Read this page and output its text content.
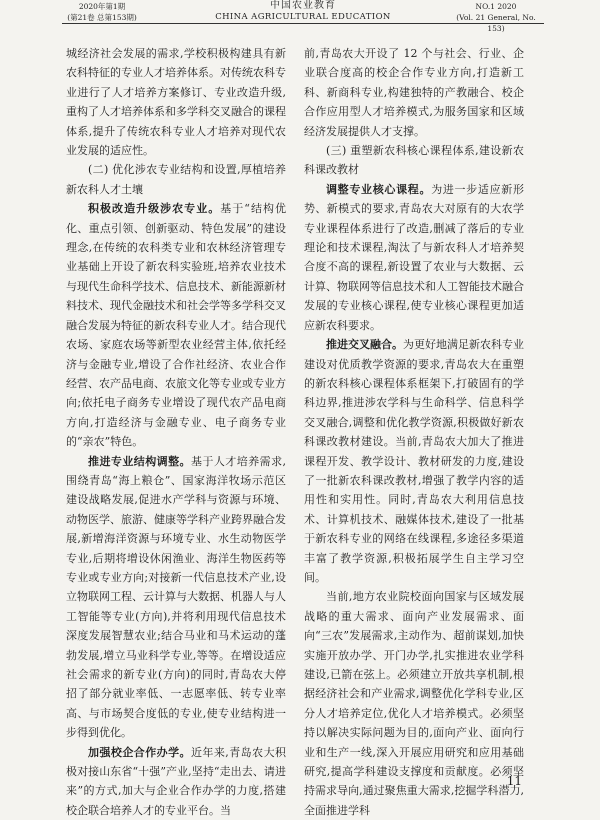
2020年第1期
(第21卷 总第153期)
中国农业教育
CHINA AGRICULTURAL EDUCATION
NO.1 2020
(Vol. 21 General, No. 153)

城经济社会发展的需求,学校积极构建具有新农科特征的专业人才培养体系。对传统农科专业进行了人才培养方案修订、专业改造升级,重构了人才培养体系和多学科交叉融合的课程体系,提升了传统农科专业人才培养对现代农业发展的适应性。

(二) 优化涉农专业结构和设置,厚植培养新农科人才土壤

积极改造升级涉农专业。基于“结构优化、重点引领、创新驱动、特色发展”的建设理念,在传统的农科类专业和农林经济管理专业基础上开设了新农科实验班,培养农业技术与现代生命科学技术、信息技术、新能源新材料技术、现代金融技术和社会学等多学科交叉融合发展为特征的新农科专业人才。结合现代农场、家庭农场等新型农业经营主体,依托经济与金融专业,增设了合作社经济、农业合作经营、农产品电商、农旅文化等专业或专业方向;依托电子商务专业增设了现代农产品电商方向,打造经济与金融专业、电子商务专业的“亲农”特色。

推进专业结构调整。基于人才培养需求,围绕青岛“海上粮仓”、国家海洋牧场示范区建设战略发展,促进水产学科与资源与环境、动物医学、旅游、健康等学科产业跨界融合发展,新增海洋资源与环境专业、水生动物医学专业,后期将增设休闲渔业、海洋生物医药等专业或专业方向;对接新一代信息技术产业,设立物联网工程、云计算与大数据、机器人与人工智能等专业(方向),并将利用现代信息技术深度发展智慧农业;结合马业和马术运动的蓬勃发展,增立马业科学专业,等等。在增设适应社会需求的新专业(方向)的同时,青岛农大停招了部分就业率低、一志愿率低、转专业率高、与市场契合度低的专业,使专业结构进一步得到优化。

加强校企合作办学。近年来,青岛农大积极对接山东省“十强”产业,坚持“走出去、请进来”的方式,加大与企业合作办学的力度,搭建校企联合培养人才的专业平台。当

前,青岛农大开设了 12 个与社会、行业、企业联合度高的校企合作专业方向,打造新工科、新商科专业,构建独特的产教融合、校企合作应用型人才培养模式,为服务国家和区域经济发展提供人才支撑。

(三) 重塑新农科核心课程体系,建设新农科课改教材

调整专业核心课程。为进一步适应新形势、新模式的要求,青岛农大对原有的大农学专业课程体系进行了改造,删减了落后的专业理论和技术课程,淘汰了与新农科人才培养契合度不高的课程,新设置了农业与大数据、云计算、物联网等信息技术和人工智能技术融合发展的专业核心课程,使专业核心课程更加适应新农科要求。

推进交叉融合。为更好地满足新农科专业建设对优质教学资源的要求,青岛农大在重塑的新农科核心课程体系框架下,打破固有的学科边界,推进涉农学科与生命科学、信息科学交叉融合,调整和优化教学资源,积极做好新农科课改教材建设。当前,青岛农大加大了推进课程开发、教学设计、教材研发的力度,建设了一批新农科课改教材,增强了教学内容的适用性和实用性。同时,青岛农大利用信息技术、计算机技术、融媒体技术,建设了一批基于新农科专业的网络在线课程,多途径多渠道丰富了教学资源,积极拓展学生自主学习空间。

当前,地方农业院校面向国家与区域发展战略的重大需求、面向产业发展需求、面向“三农”发展需求,主动作为、超前谋划,加快实施开放办学、开门办学,扎实推进农业学科建设,已箭在弦上。必须建立开放共享机制,根据经济社会和产业需求,调整优化学科专业,区分人才培养定位,优化人才培养模式。必须坚持以解决实际问题为目的,面向产业、面向行业和生产一线,深入开展应用研究和应用基础研究,提高学科建设支撑度和贡献度。必须坚持需求导向,通过聚焦重大需求,挖掘学科潜力,全面推进学科

11
